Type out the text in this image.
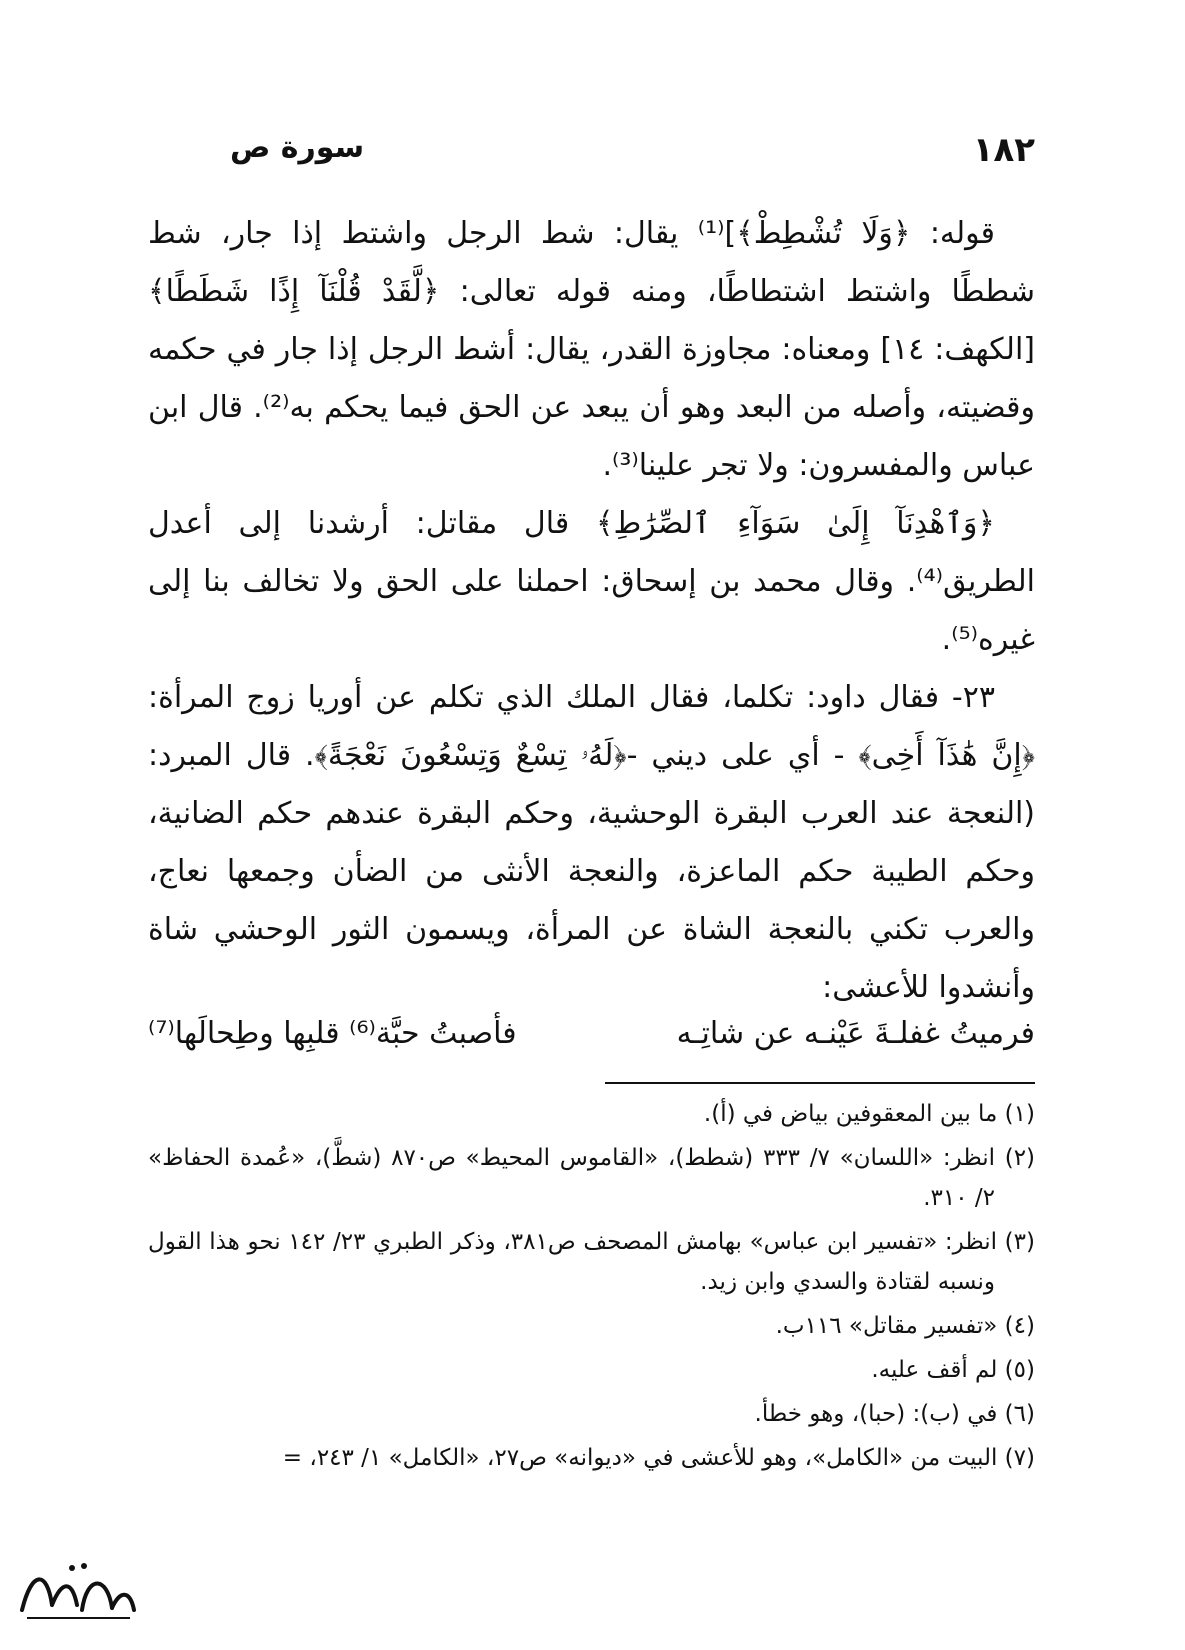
١٨٢
سورة ص

قوله: ﴿وَلَا تُشْطِطْ﴾]⁽¹⁾ يقال: شط الرجل واشتط إذا جار، شط شططًا واشتط اشتطاطًا، ومنه قوله تعالى: ﴿لَّقَدْ قُلْنَآ إِذًا شَطَطًا﴾ [الكهف: ١٤] ومعناه: مجاوزة القدر، يقال: أشط الرجل إذا جار في حكمه وقضيته، وأصله من البعد وهو أن يبعد عن الحق فيما يحكم به⁽²⁾. قال ابن عباس والمفسرون: ولا تجر علينا⁽³⁾.

﴿وَٱهْدِنَآ إِلَىٰ سَوَآءِ ٱلصِّرَٰطِ﴾ قال مقاتل: أرشدنا إلى أعدل الطريق⁽⁴⁾. وقال محمد بن إسحاق: احملنا على الحق ولا تخالف بنا إلى غيره⁽⁵⁾.

٢٣- فقال داود: تكلما، فقال الملك الذي تكلم عن أوريا زوج المرأة: ﴿إِنَّ هَٰذَآ أَخِى﴾ - أي على ديني -﴿لَهُۥ تِسْعٌ وَتِسْعُونَ نَعْجَةً﴾. قال المبرد: (النعجة عند العرب البقرة الوحشية، وحكم البقرة عندهم حكم الضانية، وحكم الطيبة حكم الماعزة، والنعجة الأنثى من الضأن وجمعها نعاج، والعرب تكني بالنعجة الشاة عن المرأة، ويسمون الثور الوحشي شاة وأنشدوا للأعشى:

فرميتُ غفلـةَ عَيْنـه عن شاتِـه
فأصبتُ حبَّة⁽⁶⁾ قلبِها وطِحالَها⁽⁷⁾
(١) ما بين المعقوفين بياض في (أ).
(٢) انظر: «اللسان» ٧/ ٣٣٣ (شطط)، «القاموس المحيط» ص٨٧٠ (شطَّ)، «عُمدة الحفاظ» ٢/ ٣١٠.
(٣) انظر: «تفسير ابن عباس» بهامش المصحف ص٣٨١، وذكر الطبري ٢٣/ ١٤٢ نحو هذا القول ونسبه لقتادة والسدي وابن زيد.
(٤) «تفسير مقاتل» ١١٦ب.
(٥) لم أقف عليه.
(٦) في (ب): (حبا)، وهو خطأ.
(٧) البيت من «الكامل»، وهو للأعشى في «ديوانه» ص٢٧، «الكامل» ١/ ٢٤٣، =
